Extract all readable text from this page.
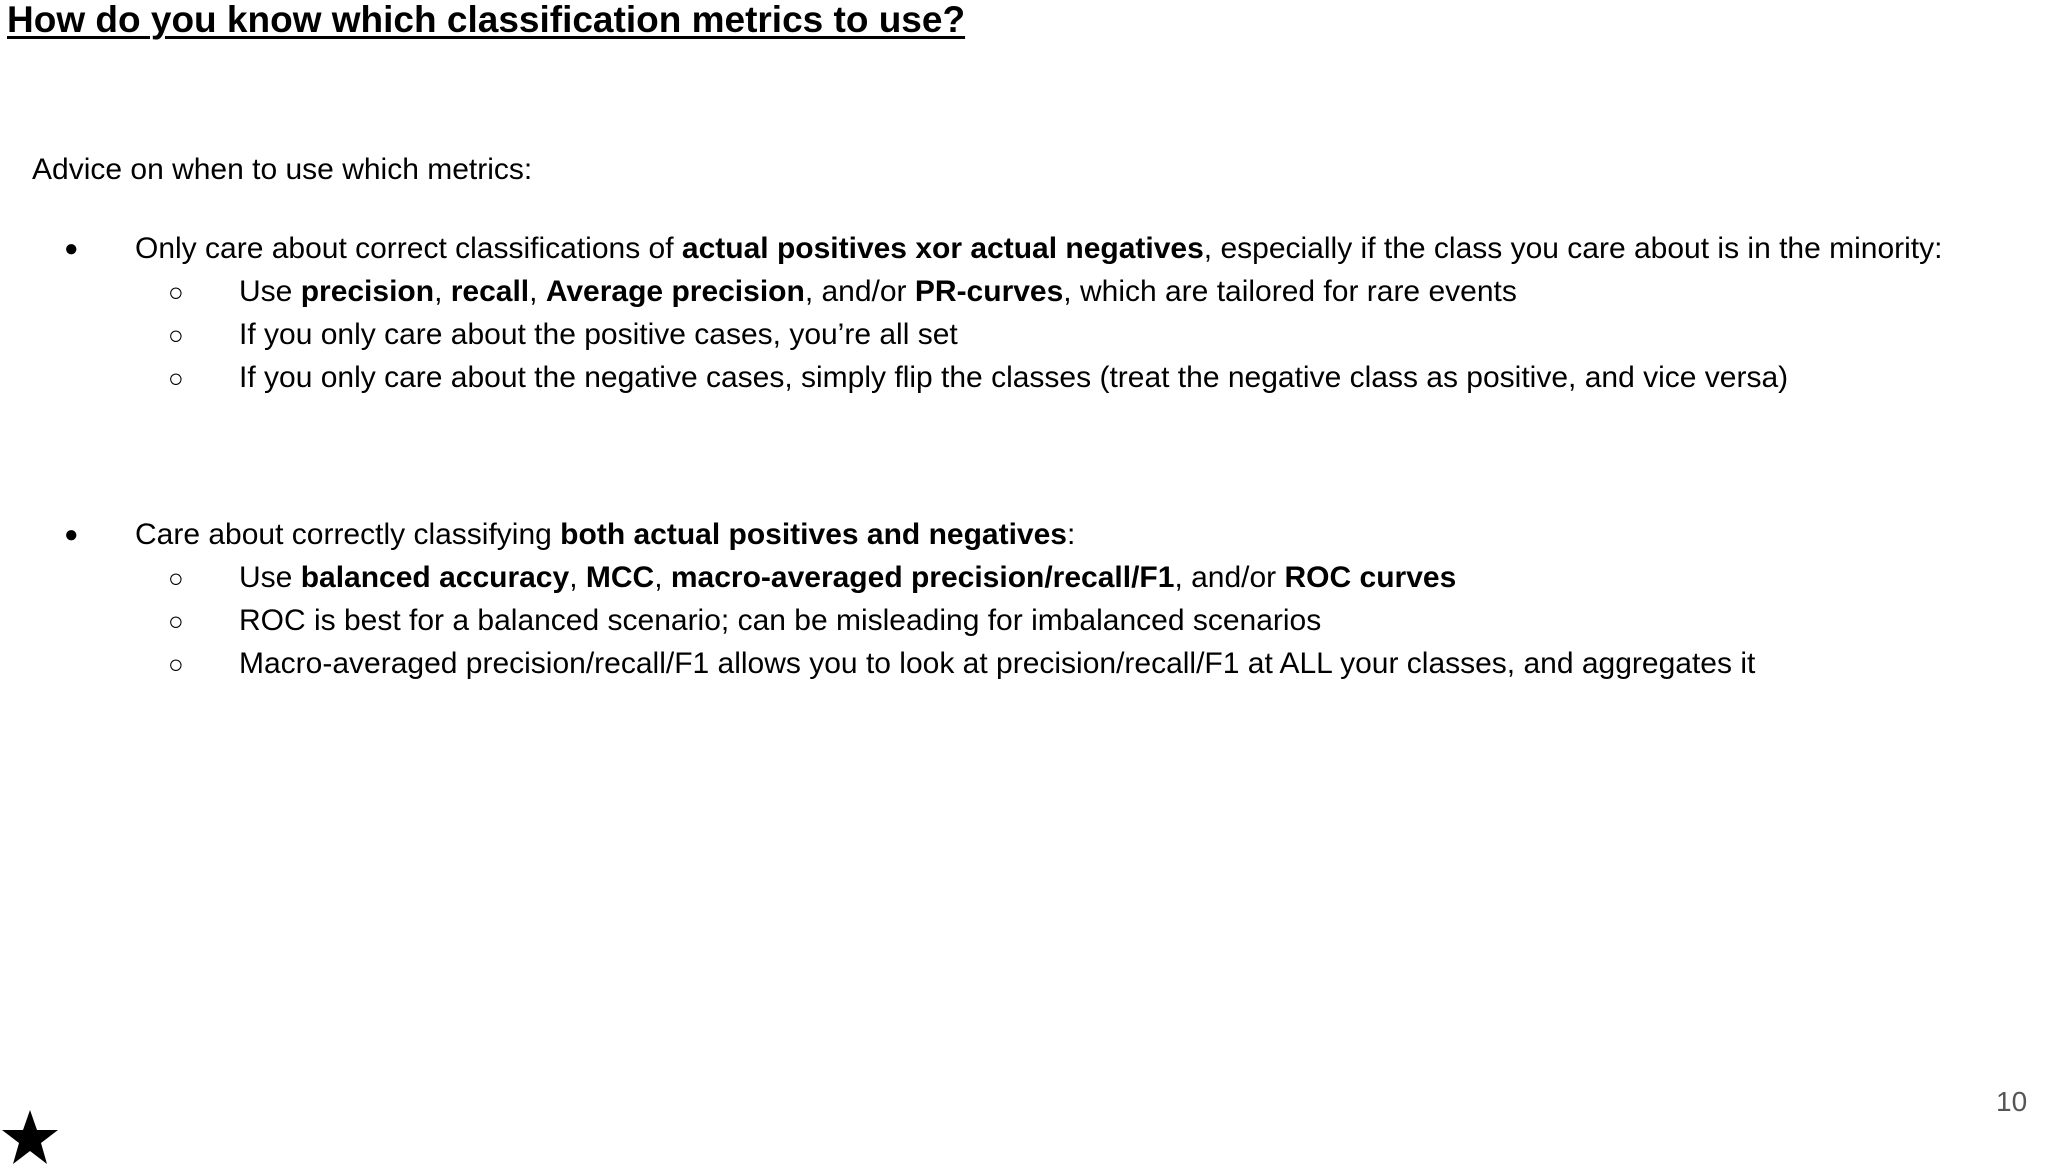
How do you know which classification metrics to use?

Advice on when to use which metrics:

● Only care about correct classifications of actual positives xor actual negatives, especially if the class you care about is in the minority:
○ Use precision, recall, Average precision, and/or PR-curves, which are tailored for rare events
○ If you only care about the positive cases, you’re all set
○ If you only care about the negative cases, simply flip the classes (treat the negative class as positive, and vice versa)
● Care about correctly classifying both actual positives and negatives:
○ Use balanced accuracy, MCC, macro-averaged precision/recall/F1, and/or ROC curves
○ ROC is best for a balanced scenario; can be misleading for imbalanced scenarios
○ Macro-averaged precision/recall/F1 allows you to look at precision/recall/F1 at ALL your classes, and aggregates it
10
